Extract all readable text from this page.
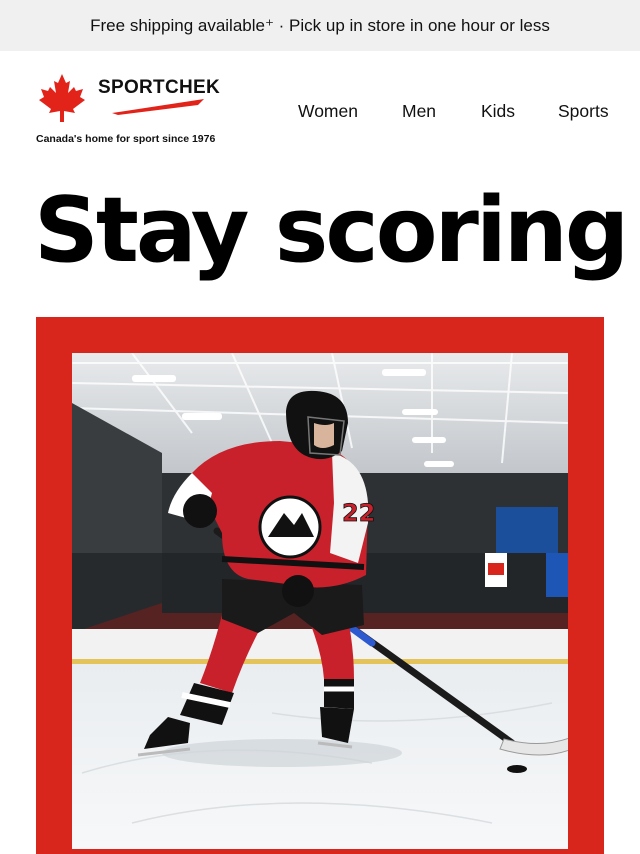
Free shipping available⁺ · Pick up in store in one hour or less
SPORTCHEK
Canada's home for sport since 1976
Women	Men	Kids Sports
Stay scoring
22
